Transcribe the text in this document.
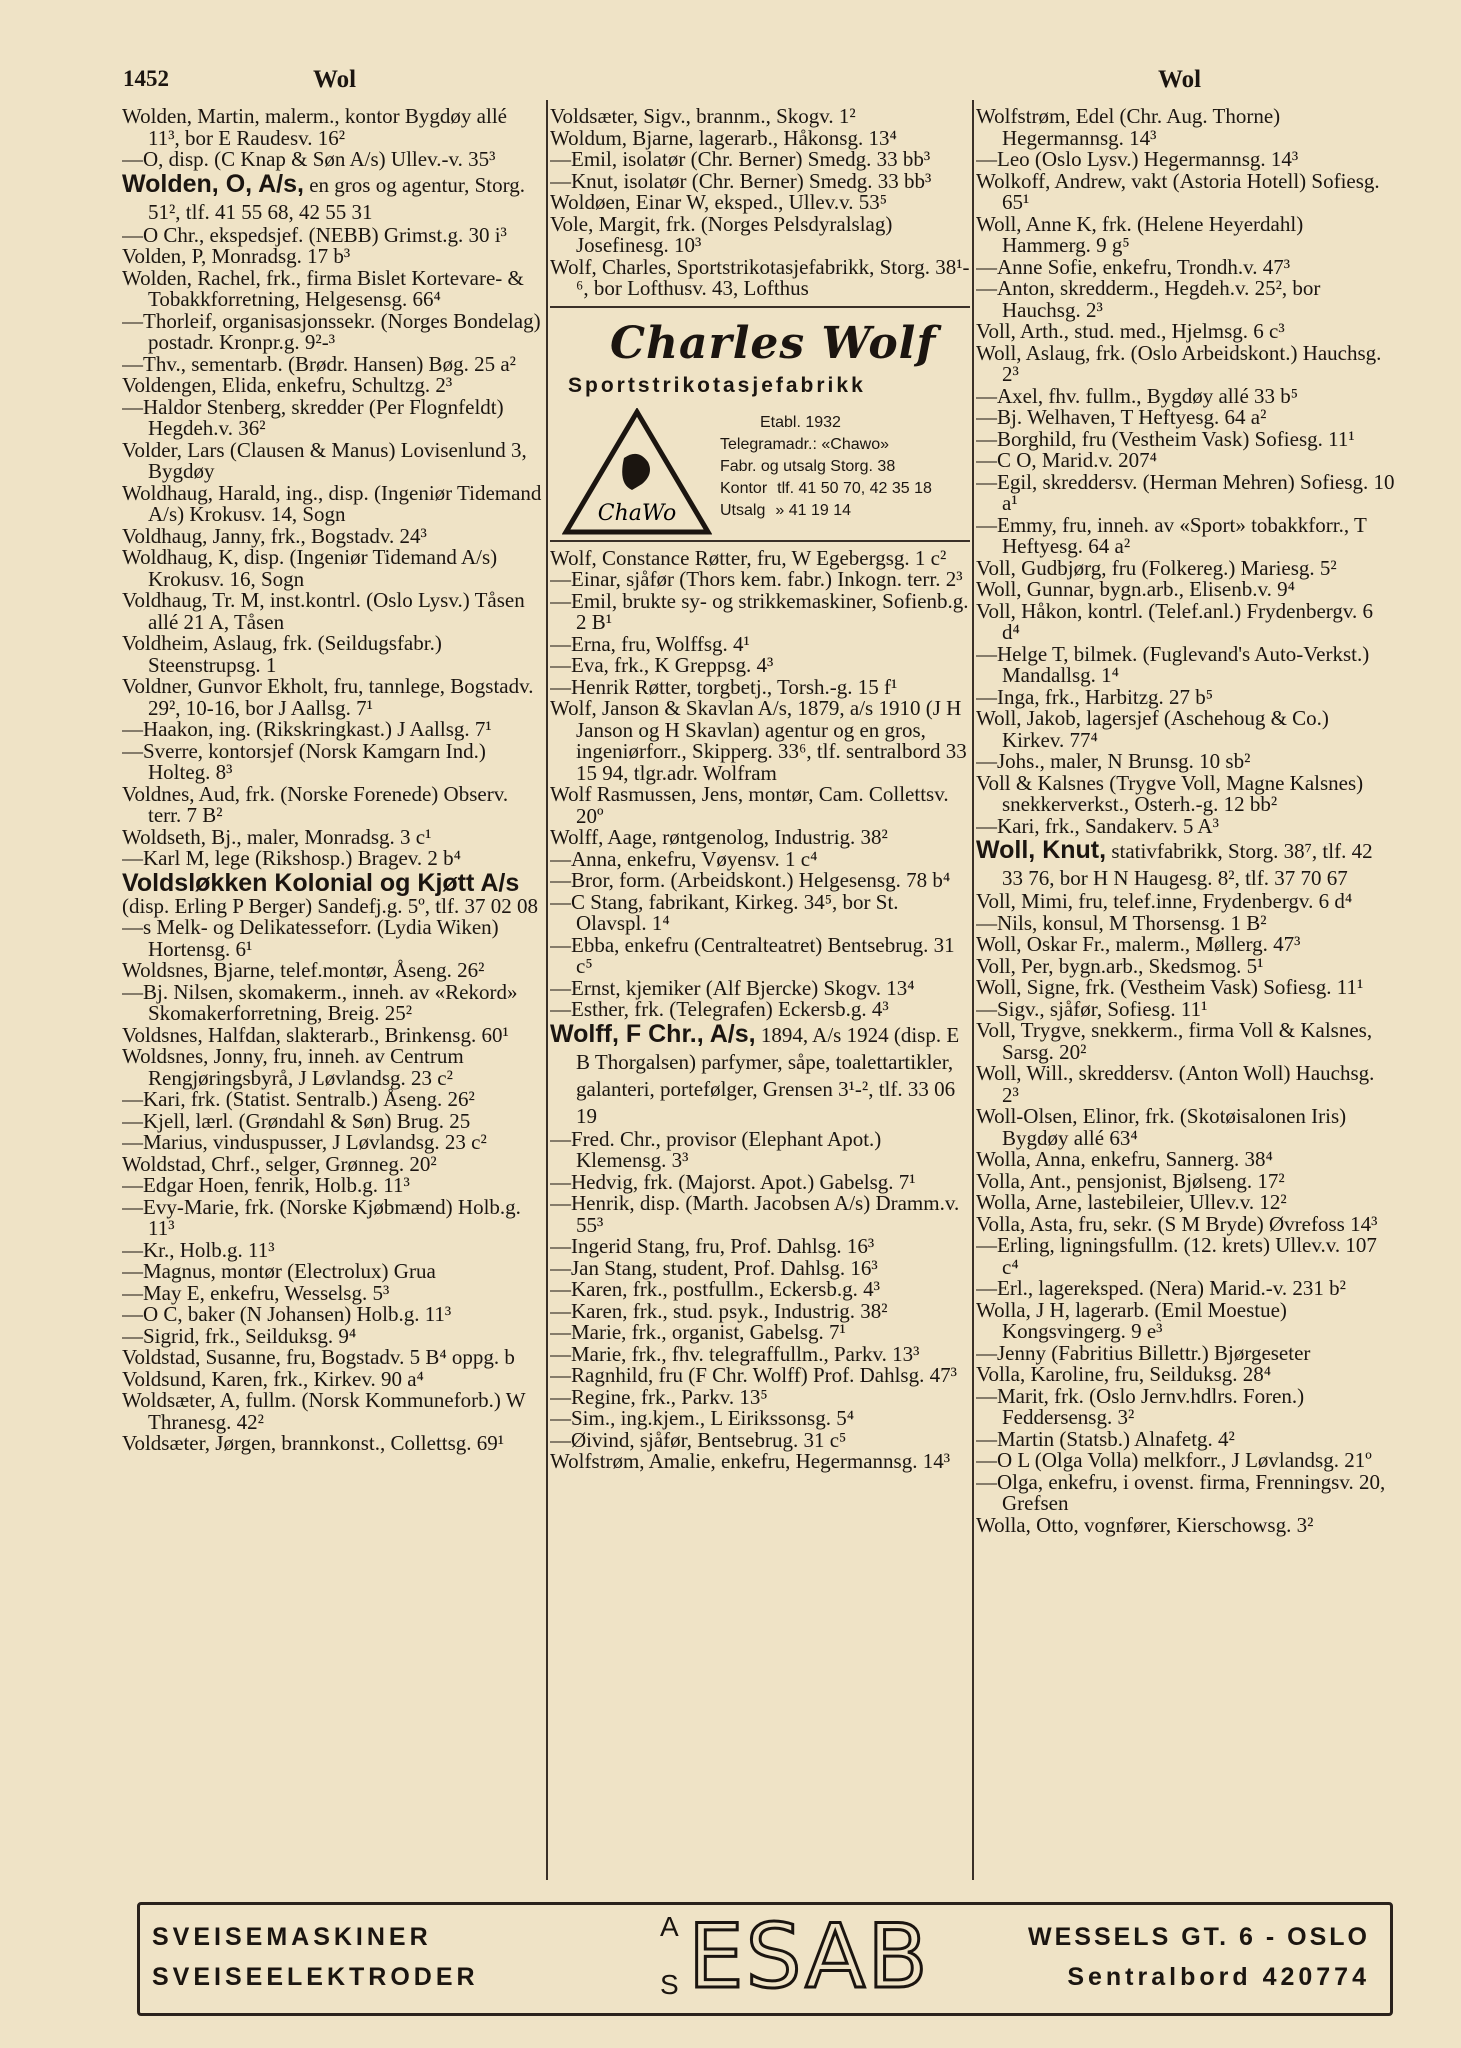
1452	Wol	Wol

Wolden, Martin, malerm., kontor Bygdøy allé 11³, bor E Raudesv. 16²

—O, disp. (C Knap & Søn A/s) Ullev.-v. 35³

Wolden, O, A/s, en gros og agentur, Storg. 51², tlf. 41 55 68, 42 55 31

—O Chr., ekspedsjef. (NEBB) Grimst.g. 30 i³

Volden, P, Monradsg. 17 b³

Wolden, Rachel, frk., firma Bislet Kortevare- & Tobakkforretning, Helgesensg. 66⁴

—Thorleif, organisasjonssekr. (Norges Bondelag) postadr. Kronpr.g. 9²-³

—Thv., sementarb. (Brødr. Hansen) Bøg. 25 a²

Voldengen, Elida, enkefru, Schultzg. 2³

—Haldor Stenberg, skredder (Per Flognfeldt) Hegdeh.v. 36²

Volder, Lars (Clausen & Manus) Lovisenlund 3, Bygdøy

Woldhaug, Harald, ing., disp. (Ingeniør Tidemand A/s) Krokusv. 14, Sogn

Voldhaug, Janny, frk., Bogstadv. 24³

Woldhaug, K, disp. (Ingeniør Tidemand A/s) Krokusv. 16, Sogn

Voldhaug, Tr. M, inst.kontrl. (Oslo Lysv.) Tåsen allé 21 A, Tåsen

Voldheim, Aslaug, frk. (Seildugsfabr.) Steenstrupsg. 1

Voldner, Gunvor Ekholt, fru, tannlege, Bogstadv. 29², 10-16, bor J Aallsg. 7¹

—Haakon, ing. (Rikskringkast.) J Aallsg. 7¹

—Sverre, kontorsjef (Norsk Kamgarn Ind.) Holteg. 8³

Voldnes, Aud, frk. (Norske Forenede) Observ. terr. 7 B²

Woldseth, Bj., maler, Monradsg. 3 c¹

—Karl M, lege (Rikshosp.) Bragev. 2 b⁴

Voldsløkken Kolonial og Kjøtt A/s

(disp. Erling P Berger) Sandefj.g. 5º, tlf. 37 02 08

—s Melk- og Delikatesseforr. (Lydia Wiken) Hortensg. 6¹

Woldsnes, Bjarne, telef.montør, Åseng. 26²

—Bj. Nilsen, skomakerm., inneh. av «Rekord» Skomakerforretning, Breig. 25²

Voldsnes, Halfdan, slakterarb., Brinkensg. 60¹

Woldsnes, Jonny, fru, inneh. av Centrum Rengjøringsbyrå, J Løvlandsg. 23 c²

—Kari, frk. (Statist. Sentralb.) Åseng. 26²

—Kjell, lærl. (Grøndahl & Søn) Brug. 25

—Marius, vinduspusser, J Løvlandsg. 23 c²

Woldstad, Chrf., selger, Grønneg. 20²

—Edgar Hoen, fenrik, Holb.g. 11³

—Evy-Marie, frk. (Norske Kjøbmænd) Holb.g. 11³

—Kr., Holb.g. 11³

—Magnus, montør (Electrolux) Grua

—May E, enkefru, Wesselsg. 5³

—O C, baker (N Johansen) Holb.g. 11³

—Sigrid, frk., Seilduksg. 9⁴

Voldstad, Susanne, fru, Bogstadv. 5 B⁴ oppg. b

Voldsund, Karen, frk., Kirkev. 90 a⁴

Woldsæter, A, fullm. (Norsk Kommuneforb.) W Thranesg. 42²

Voldsæter, Jørgen, brannkonst., Collettsg. 69¹

Voldsæter, Sigv., brannm., Skogv. 1²

Woldum, Bjarne, lagerarb., Håkonsg. 13⁴

—Emil, isolatør (Chr. Berner) Smedg. 33 bb³

—Knut, isolatør (Chr. Berner) Smedg. 33 bb³

Woldøen, Einar W, eksped., Ullev.v. 53⁵

Vole, Margit, frk. (Norges Pelsdyralslag) Josefinesg. 10³

Wolf, Charles, Sportstrikotasjefabrikk, Storg. 38¹-⁶, bor Lofthusv. 43, Lofthus

Charles Wolf
Sportstrikotasjefabrikk
ChaWo
Etabl. 1932
Telegramadr.: «Chawo»
Fabr. og utsalg Storg. 38
Kontor tlf. 41 50 70, 42 35 18
Utsalg » 41 19 14

Wolf, Constance Røtter, fru, W Egebergsg. 1 c²

—Einar, sjåfør (Thors kem. fabr.) Inkogn. terr. 2³

—Emil, brukte sy- og strikkemaskiner, Sofienb.g. 2 B¹

—Erna, fru, Wolffsg. 4¹

—Eva, frk., K Greppsg. 4³

—Henrik Røtter, torgbetj., Torsh.-g. 15 f¹

Wolf, Janson & Skavlan A/s, 1879, a/s 1910 (J H Janson og H Skavlan) agentur og en gros, ingeniørforr., Skipperg. 33⁶, tlf. sentralbord 33 15 94, tlgr.adr. Wolfram

Wolf Rasmussen, Jens, montør, Cam. Collettsv. 20º

Wolff, Aage, røntgenolog, Industrig. 38²

—Anna, enkefru, Vøyensv. 1 c⁴

—Bror, form. (Arbeidskont.) Helgesensg. 78 b⁴

—C Stang, fabrikant, Kirkeg. 34⁵, bor St. Olavspl. 1⁴

—Ebba, enkefru (Centralteatret) Bentsebrug. 31 c⁵

—Ernst, kjemiker (Alf Bjercke) Skogv. 13⁴

—Esther, frk. (Telegrafen) Eckersb.g. 4³

Wolff, F Chr., A/s, 1894, A/s 1924 (disp. E B Thorgalsen) parfymer, såpe, toalettartikler, galanteri, portefølger, Grensen 3¹-², tlf. 33 06 19

—Fred. Chr., provisor (Elephant Apot.) Klemensg. 3³

—Hedvig, frk. (Majorst. Apot.) Gabelsg. 7¹

—Henrik, disp. (Marth. Jacobsen A/s) Dramm.v. 55³

—Ingerid Stang, fru, Prof. Dahlsg. 16³

—Jan Stang, student, Prof. Dahlsg. 16³

—Karen, frk., postfullm., Eckersb.g. 4³

—Karen, frk., stud. psyk., Industrig. 38²

—Marie, frk., organist, Gabelsg. 7¹

—Marie, frk., fhv. telegraffullm., Parkv. 13³

—Ragnhild, fru (F Chr. Wolff) Prof. Dahlsg. 47³

—Regine, frk., Parkv. 13⁵

—Sim., ing.kjem., L Eirikssonsg. 5⁴

—Øivind, sjåfør, Bentsebrug. 31 c⁵

Wolfstrøm, Amalie, enkefru, Hegermannsg. 14³

Wolfstrøm, Edel (Chr. Aug. Thorne) Hegermannsg. 14³

—Leo (Oslo Lysv.) Hegermannsg. 14³

Wolkoff, Andrew, vakt (Astoria Hotell) Sofiesg. 65¹

Woll, Anne K, frk. (Helene Heyerdahl) Hammerg. 9 g⁵

—Anne Sofie, enkefru, Trondh.v. 47³

—Anton, skredderm., Hegdeh.v. 25², bor Hauchsg. 2³

Voll, Arth., stud. med., Hjelmsg. 6 c³

Woll, Aslaug, frk. (Oslo Arbeidskont.) Hauchsg. 2³

—Axel, fhv. fullm., Bygdøy allé 33 b⁵

—Bj. Welhaven, T Heftyesg. 64 a²

—Borghild, fru (Vestheim Vask) Sofiesg. 11¹

—C O, Marid.v. 207⁴

—Egil, skreddersv. (Herman Mehren) Sofiesg. 10 a¹

—Emmy, fru, inneh. av «Sport» tobakkforr., T Heftyesg. 64 a²

Voll, Gudbjørg, fru (Folkereg.) Mariesg. 5²

Woll, Gunnar, bygn.arb., Elisenb.v. 9⁴

Voll, Håkon, kontrl. (Telef.anl.) Frydenbergv. 6 d⁴

—Helge T, bilmek. (Fuglevand's Auto-Verkst.) Mandallsg. 1⁴

—Inga, frk., Harbitzg. 27 b⁵

Woll, Jakob, lagersjef (Aschehoug & Co.) Kirkev. 77⁴

—Johs., maler, N Brunsg. 10 sb²

Voll & Kalsnes (Trygve Voll, Magne Kalsnes) snekkerverkst., Osterh.-g. 12 bb²

—Kari, frk., Sandakerv. 5 A³

Woll, Knut, stativfabrikk, Storg. 38⁷, tlf. 42 33 76, bor H N Haugesg. 8², tlf. 37 70 67

Voll, Mimi, fru, telef.inne, Frydenbergv. 6 d⁴

—Nils, konsul, M Thorsensg. 1 B²

Woll, Oskar Fr., malerm., Møllerg. 47³

Voll, Per, bygn.arb., Skedsmog. 5¹

Woll, Signe, frk. (Vestheim Vask) Sofiesg. 11¹

—Sigv., sjåfør, Sofiesg. 11¹

Voll, Trygve, snekkerm., firma Voll & Kalsnes, Sarsg. 20²

Woll, Will., skreddersv. (Anton Woll) Hauchsg. 2³

Woll-Olsen, Elinor, frk. (Skotøisalonen Iris) Bygdøy allé 63⁴

Wolla, Anna, enkefru, Sannerg. 38⁴

Volla, Ant., pensjonist, Bjølseng. 17²

Wolla, Arne, lastebileier, Ullev.v. 12²

Volla, Asta, fru, sekr. (S M Bryde) Øvrefoss 14³

—Erling, ligningsfullm. (12. krets) Ullev.v. 107 c⁴

—Erl., lagereksped. (Nera) Marid.-v. 231 b²

Wolla, J H, lagerarb. (Emil Moestue) Kongsvingerg. 9 e³

—Jenny (Fabritius Billettr.) Bjørgeseter

Volla, Karoline, fru, Seilduksg. 28⁴

—Marit, frk. (Oslo Jernv.hdlrs. Foren.) Feddersensg. 3²

—Martin (Statsb.) Alnafetg. 4²

—O L (Olga Volla) melkforr., J Løvlandsg. 21º

—Olga, enkefru, i ovenst. firma, Frenningsv. 20, Grefsen

Wolla, Otto, vognfører, Kierschowsg. 3²

SVEISEMASKINER
SVEISEELEKTRODER
A
S ESAB	WESSELS GT. 6 - OSLO
Sentralbord 420774
